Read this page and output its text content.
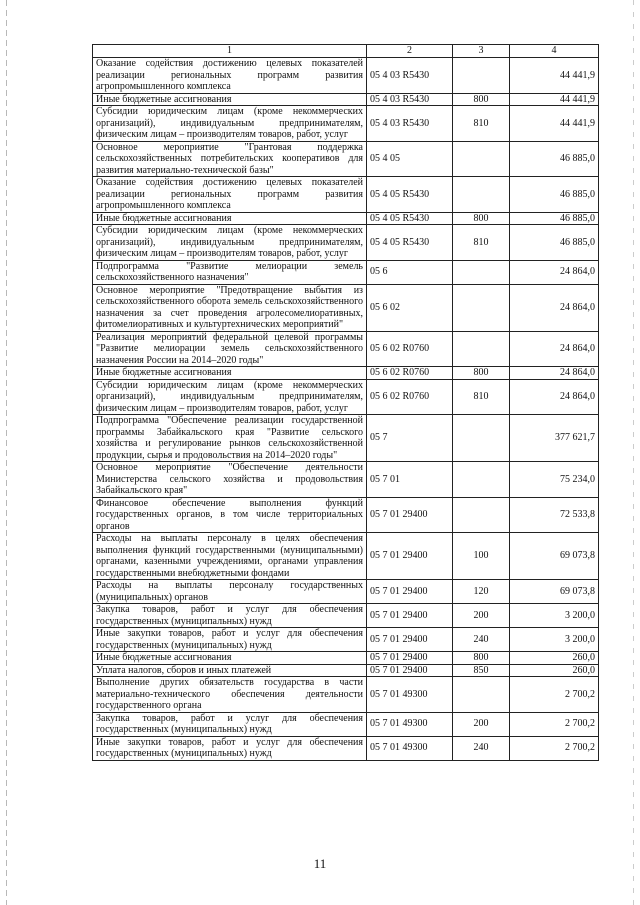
1	2	3	4
Оказание содействия достижению целевых показателей реализации региональных программ развития агропромышленного комплекса	05 4 03 R5430		44 441,9
Иные бюджетные ассигнования	05 4 03 R5430	800	44 441,9
Субсидии юридическим лицам (кроме некоммерческих организаций), индивидуальным предпринимателям, физическим лицам – производителям товаров, работ, услуг	05 4 03 R5430	810	44 441,9
Основное мероприятие "Грантовая поддержка сельскохозяйственных потребительских кооперативов для развития материально-технической базы"	05 4 05		46 885,0
Оказание содействия достижению целевых показателей реализации региональных программ развития агропромышленного комплекса	05 4 05 R5430		46 885,0
Иные бюджетные ассигнования	05 4 05 R5430	800	46 885,0
Субсидии юридическим лицам (кроме некоммерческих организаций), индивидуальным предпринимателям, физическим лицам – производителям товаров, работ, услуг	05 4 05 R5430	810	46 885,0
Подпрограмма "Развитие мелиорации земель сельскохозяйственного назначения"	05 6		24 864,0
Основное мероприятие "Предотвращение выбытия из сельскохозяйственного оборота земель сельскохозяйственного назначения за счет проведения агролесомелиоративных, фитомелиоративных и культуртехнических мероприятий"	05 6 02		24 864,0
Реализация мероприятий федеральной целевой программы "Развитие мелиорации земель сельскохозяйственного назначения России на 2014–2020 годы"	05 6 02 R0760		24 864,0
Иные бюджетные ассигнования	05 6 02 R0760	800	24 864,0
Субсидии юридическим лицам (кроме некоммерческих организаций), индивидуальным предпринимателям, физическим лицам – производителям товаров, работ, услуг	05 6 02 R0760	810	24 864,0
Подпрограмма "Обеспечение реализации государственной программы Забайкальского края "Развитие сельского хозяйства и регулирование рынков сельскохозяйственной продукции, сырья и продовольствия на 2014–2020 годы"	05 7		377 621,7
Основное мероприятие "Обеспечение деятельности Министерства сельского хозяйства и продовольствия Забайкальского края"	05 7 01		75 234,0
Финансовое обеспечение выполнения функций государственных органов, в том числе территориальных органов	05 7 01 29400		72 533,8
Расходы на выплаты персоналу в целях обеспечения выполнения функций государственными (муниципальными) органами, казенными учреждениями, органами управления государственными внебюджетными фондами	05 7 01 29400	100	69 073,8
Расходы на выплаты персоналу государственных (муниципальных) органов	05 7 01 29400	120	69 073,8
Закупка товаров, работ и услуг для обеспечения государственных (муниципальных) нужд	05 7 01 29400	200	3 200,0
Иные закупки товаров, работ и услуг для обеспечения государственных (муниципальных) нужд	05 7 01 29400	240	3 200,0
Иные бюджетные ассигнования	05 7 01 29400	800	260,0
Уплата налогов, сборов и иных платежей	05 7 01 29400	850	260,0
Выполнение других обязательств государства в части материально-технического обеспечения деятельности государственного органа	05 7 01 49300		2 700,2
Закупка товаров, работ и услуг для обеспечения государственных (муниципальных) нужд	05 7 01 49300	200	2 700,2
Иные закупки товаров, работ и услуг для обеспечения государственных (муниципальных) нужд	05 7 01 49300	240	2 700,2
11
